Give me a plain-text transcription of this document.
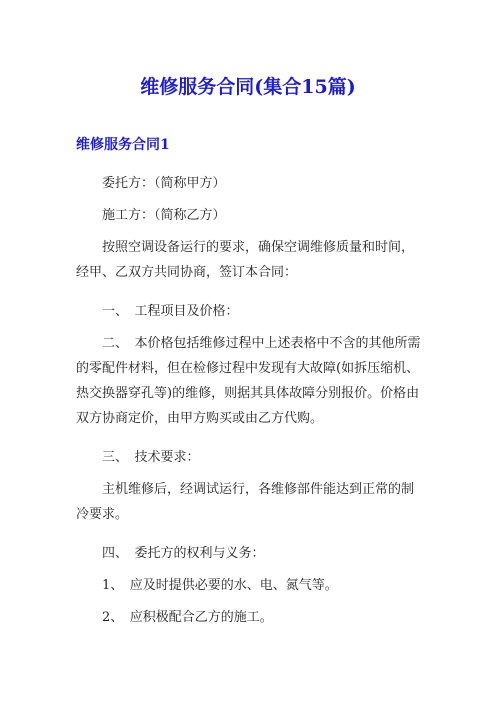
维修服务合同(集合15篇)
维修服务合同1

委托方：（简称甲方）

施工方：（简称乙方）

按照空调设备运行的要求，确保空调维修质量和时间，经甲、乙双方共同协商，签订本合同：

一、　工程项目及价格：

二、　本价格包括维修过程中上述表格中不含的其他所需的零配件材料，但在检修过程中发现有大故障(如拆压缩机、热交换器穿孔等)的维修，则据其具体故障分别报价。价格由双方协商定价，由甲方购买或由乙方代购。

三、　技术要求：

主机维修后，经调试运行，各维修部件能达到正常的制冷要求。

四、　委托方的权利与义务：

1、　应及时提供必要的水、电、氮气等。

2、　应积极配合乙方的施工。
